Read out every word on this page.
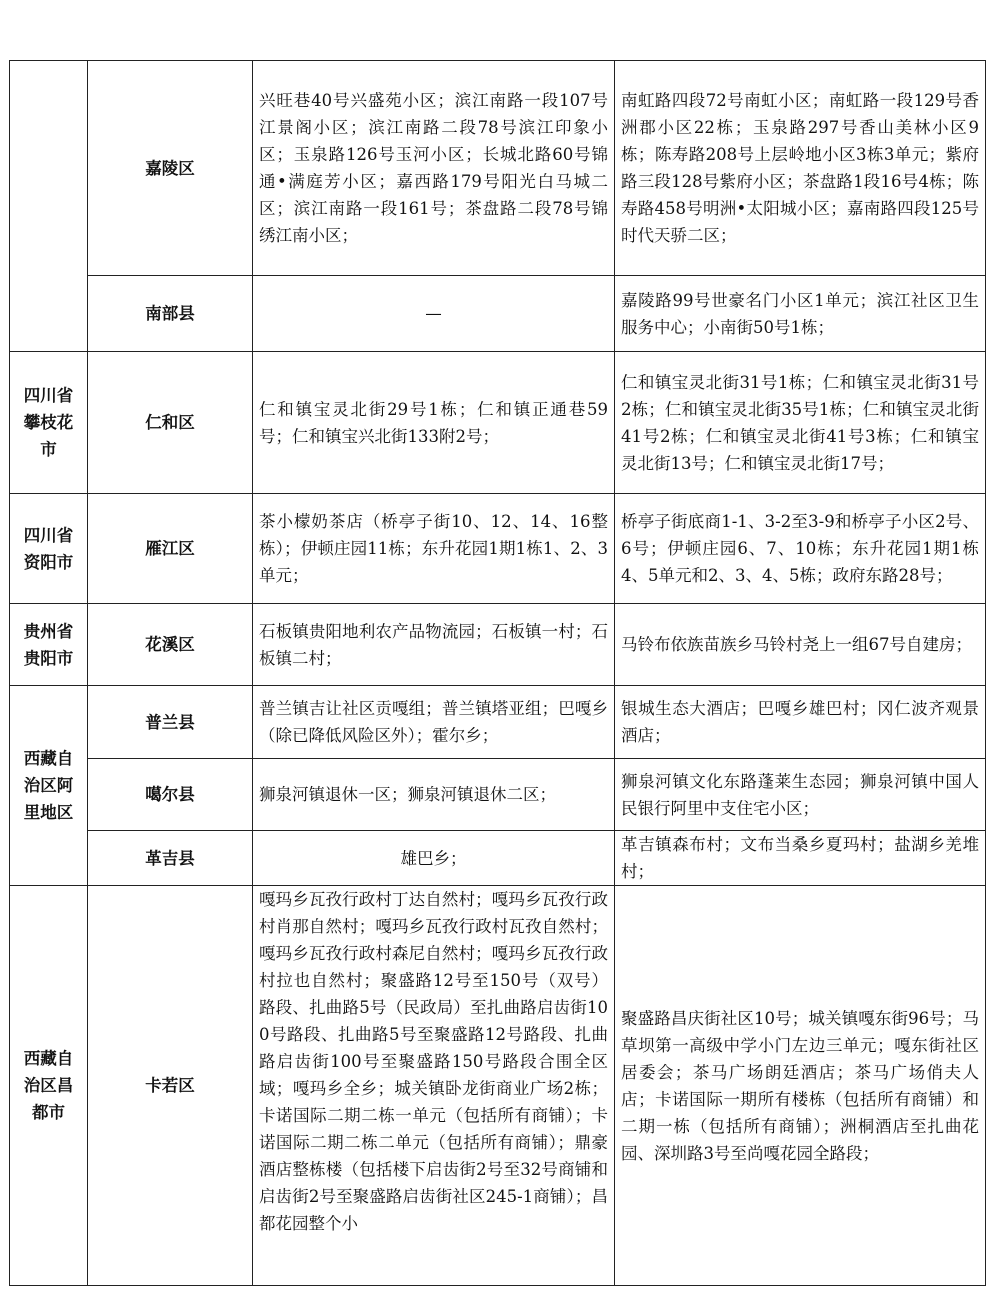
	嘉陵区	兴旺巷40号兴盛苑小区；滨江南路一段107号江景阁小区；滨江南路二段78号滨江印象小区；玉泉路126号玉河小区；长城北路60号锦通•满庭芳小区；嘉西路179号阳光白马城二区；滨江南路一段161号；茶盘路二段78号锦绣江南小区；	南虹路四段72号南虹小区；南虹路一段129号香洲郡小区22栋；玉泉路297号香山美林小区9栋；陈寿路208号上层岭地小区3栋3单元；紫府路三段128号紫府小区；茶盘路1段16号4栋；陈寿路458号明洲•太阳城小区；嘉南路四段125号时代天骄二区；
	南部县	—	嘉陵路99号世豪名门小区1单元；滨江社区卫生服务中心；小南街50号1栋；
四川省攀枝花市	仁和区	仁和镇宝灵北街29号1栋；仁和镇正通巷59号；仁和镇宝兴北街133附2号；	仁和镇宝灵北街31号1栋；仁和镇宝灵北街31号2栋；仁和镇宝灵北街35号1栋；仁和镇宝灵北街41号2栋；仁和镇宝灵北街41号3栋；仁和镇宝灵北街13号；仁和镇宝灵北街17号；
四川省资阳市	雁江区	茶小檬奶茶店（桥亭子街10、12、14、16整栋）；伊顿庄园11栋；东升花园1期1栋1、2、3单元；	桥亭子街底商1-1、3-2至3-9和桥亭子小区2号、6号；伊顿庄园6、7、10栋；东升花园1期1栋4、5单元和2、3、4、5栋；政府东路28号；
贵州省贵阳市	花溪区	石板镇贵阳地利农产品物流园；石板镇一村；石板镇二村；	马铃布依族苗族乡马铃村尧上一组67号自建房；
西藏自治区阿里地区	普兰县	普兰镇吉让社区贡嘎组；普兰镇塔亚组；巴嘎乡（除已降低风险区外）；霍尔乡；	银城生态大酒店；巴嘎乡雄巴村；冈仁波齐观景酒店；
	噶尔县	狮泉河镇退休一区；狮泉河镇退休二区；	狮泉河镇文化东路蓬莱生态园；狮泉河镇中国人民银行阿里中支住宅小区；
	革吉县	雄巴乡；	革吉镇森布村；文布当桑乡夏玛村；盐湖乡羌堆村；
西藏自治区昌都市	卡若区	嘎玛乡瓦孜行政村丁达自然村；嘎玛乡瓦孜行政村肖那自然村；嘎玛乡瓦孜行政村瓦孜自然村；嘎玛乡瓦孜行政村森尼自然村；嘎玛乡瓦孜行政村拉也自然村；聚盛路12号至150号（双号）路段、扎曲路5号（民政局）至扎曲路启齿街100号路段、扎曲路5号至聚盛路12号路段、扎曲路启齿街100号至聚盛路150号路段合围全区域；嘎玛乡全乡；城关镇卧龙街商业广场2栋；卡诺国际二期二栋一单元（包括所有商铺）；卡诺国际二期二栋二单元（包括所有商铺）；鼎豪酒店整栋楼（包括楼下启齿街2号至32号商铺和启齿街2号至聚盛路启齿街社区245-1商铺）；昌都花园整个小	聚盛路昌庆街社区10号；城关镇嘎东街96号；马草坝第一高级中学小门左边三单元；嘎东街社区居委会；茶马广场朗廷酒店；茶马广场俏夫人店；卡诺国际一期所有楼栋（包括所有商铺）和二期一栋（包括所有商铺）；洲桐酒店至扎曲花园、深圳路3号至尚嘎花园全路段；
